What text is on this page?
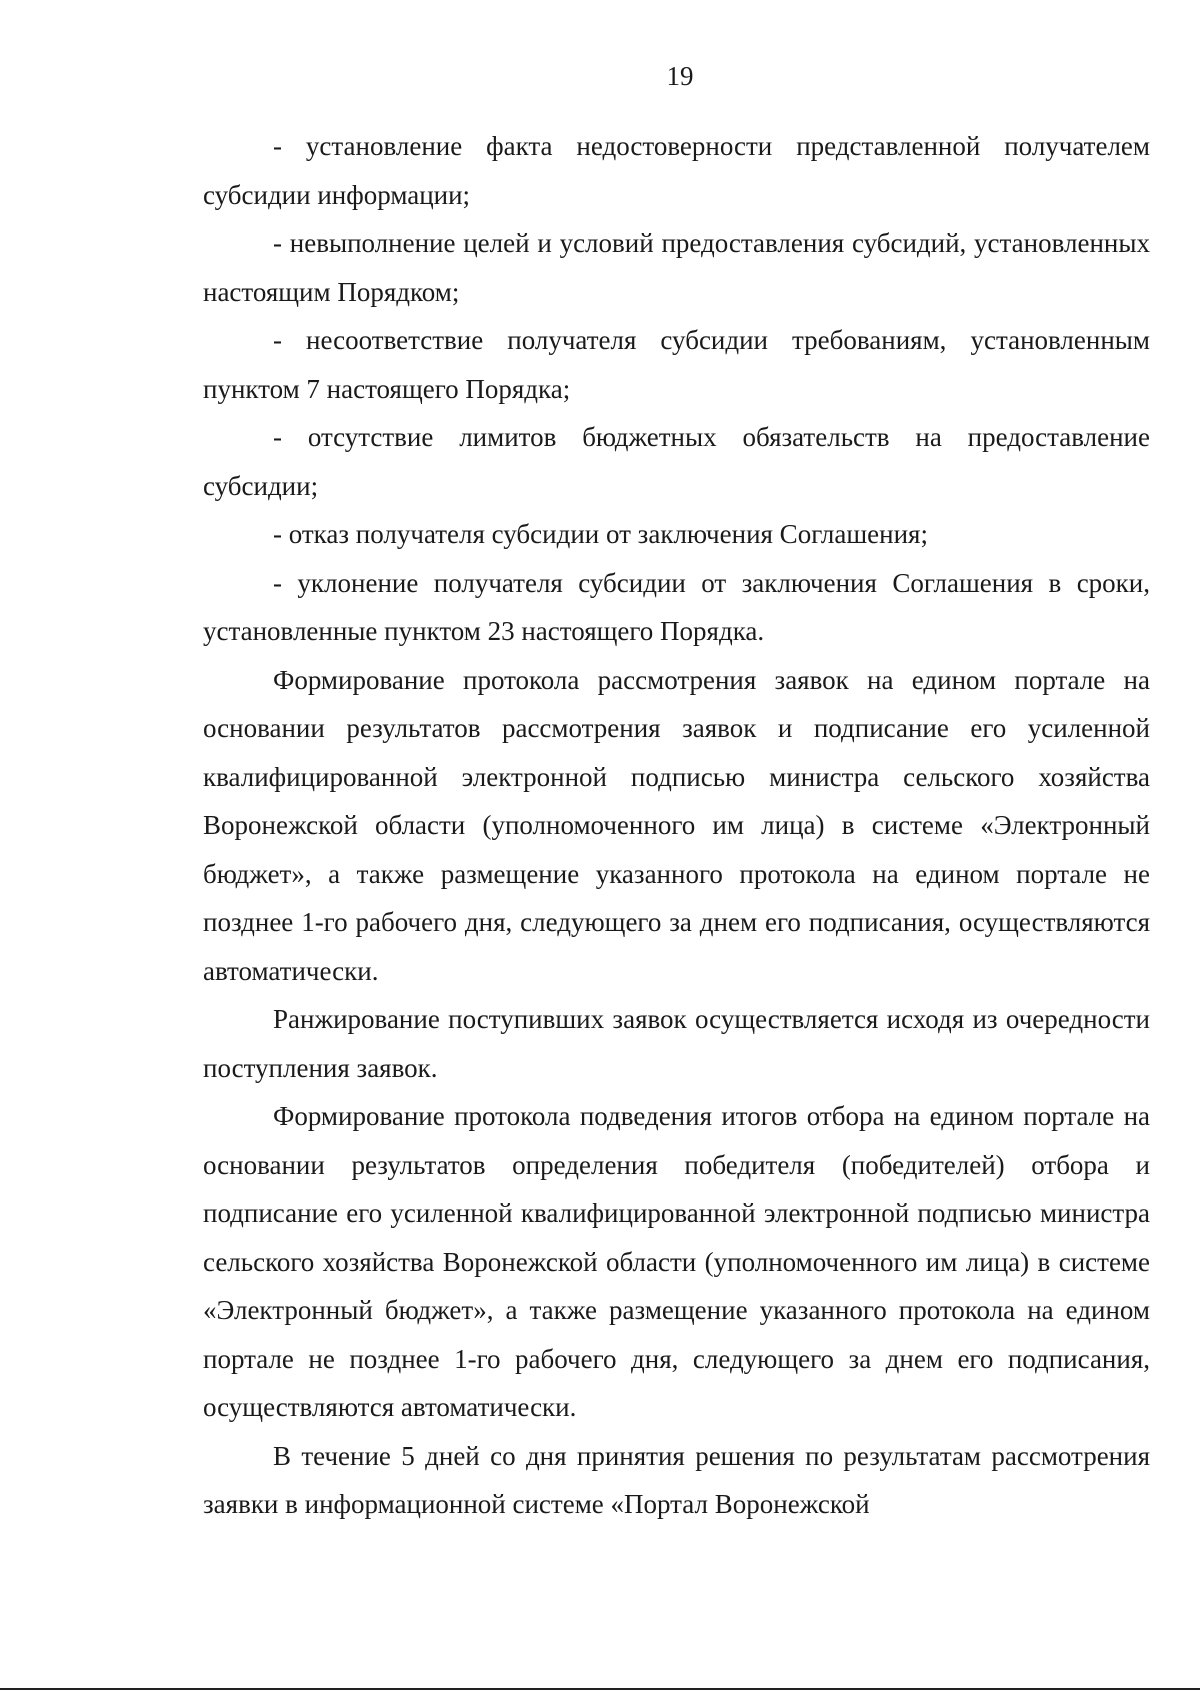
19

- установление факта недостоверности представленной получателем субсидии информации;

- невыполнение целей и условий предоставления субсидий, установленных настоящим Порядком;

- несоответствие получателя субсидии требованиям, установленным пунктом 7 настоящего Порядка;

- отсутствие лимитов бюджетных обязательств на предоставление субсидии;

- отказ получателя субсидии от заключения Соглашения;

- уклонение получателя субсидии от заключения Соглашения в сроки, установленные пунктом 23 настоящего Порядка.

Формирование протокола рассмотрения заявок на едином портале на основании результатов рассмотрения заявок и подписание его усиленной квалифицированной электронной подписью министра сельского хозяйства Воронежской области (уполномоченного им лица) в системе «Электронный бюджет», а также размещение указанного протокола на едином портале не позднее 1-го рабочего дня, следующего за днем его подписания, осуществляются автоматически.

Ранжирование поступивших заявок осуществляется исходя из очередности поступления заявок.

Формирование протокола подведения итогов отбора на едином портале на основании результатов определения победителя (победителей) отбора и подписание его усиленной квалифицированной электронной подписью министра сельского хозяйства Воронежской области (уполномоченного им лица) в системе «Электронный бюджет», а также размещение указанного протокола на едином портале не позднее 1-го рабочего дня, следующего за днем его подписания, осуществляются автоматически.

В течение 5 дней со дня принятия решения по результатам рассмотрения заявки в информационной системе «Портал Воронежской
